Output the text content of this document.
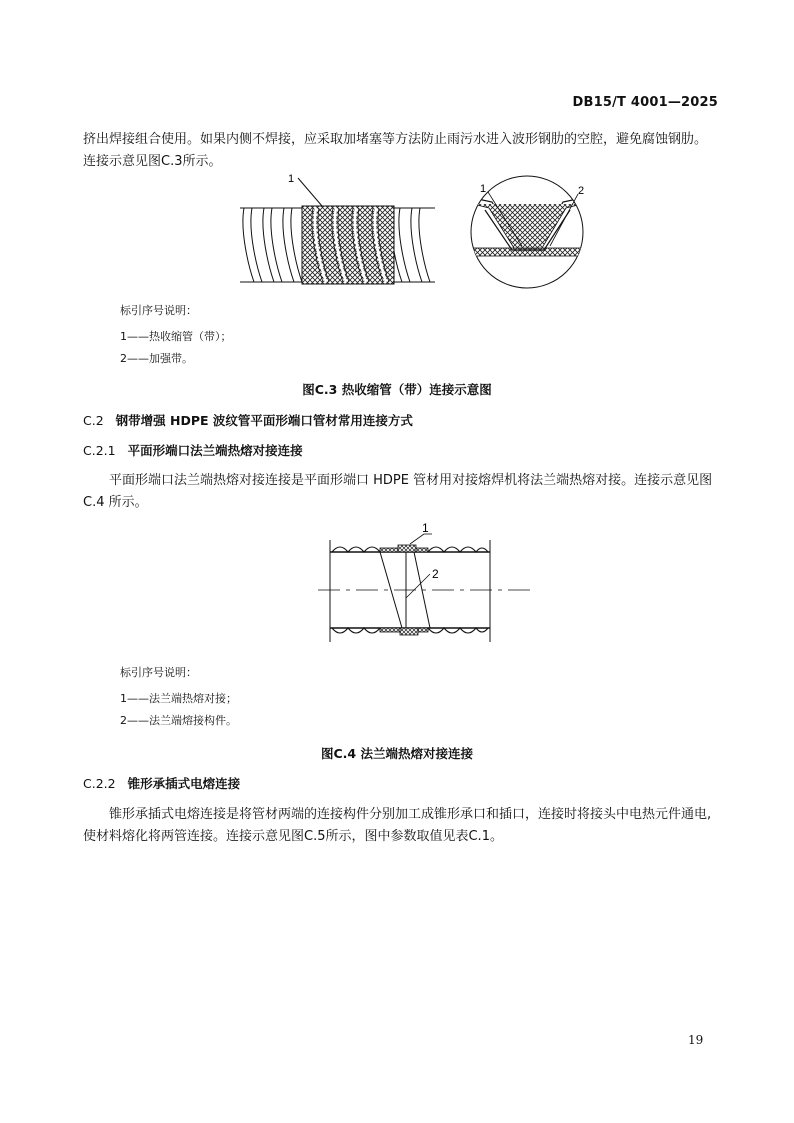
DB15/T 4001—2025

挤出焊接组合使用。如果内侧不焊接，应采取加堵塞等方法防止雨污水进入波形钢肋的空腔，避免腐蚀钢肋。连接示意见图C.3所示。

1
1	2
标引序号说明：
1——热收缩管（带）；
2——加强带。
图C.3 热收缩管（带）连接示意图
C.2 钢带增强 HDPE 波纹管平面形端口管材常用连接方式
C.2.1 平面形端口法兰端热熔对接连接

平面形端口法兰端热熔对接连接是平面形端口 HDPE 管材用对接熔焊机将法兰端热熔对接。连接示意见图 C.4 所示。

1
2
标引序号说明：
1——法兰端热熔对接；
2——法兰端熔接构件。
图C.4 法兰端热熔对接连接
C.2.2 锥形承插式电熔连接

锥形承插式电熔连接是将管材两端的连接构件分别加工成锥形承口和插口，连接时将接头中电热元件通电,使材料熔化将两管连接。连接示意见图C.5所示，图中参数取值见表C.1。

19
